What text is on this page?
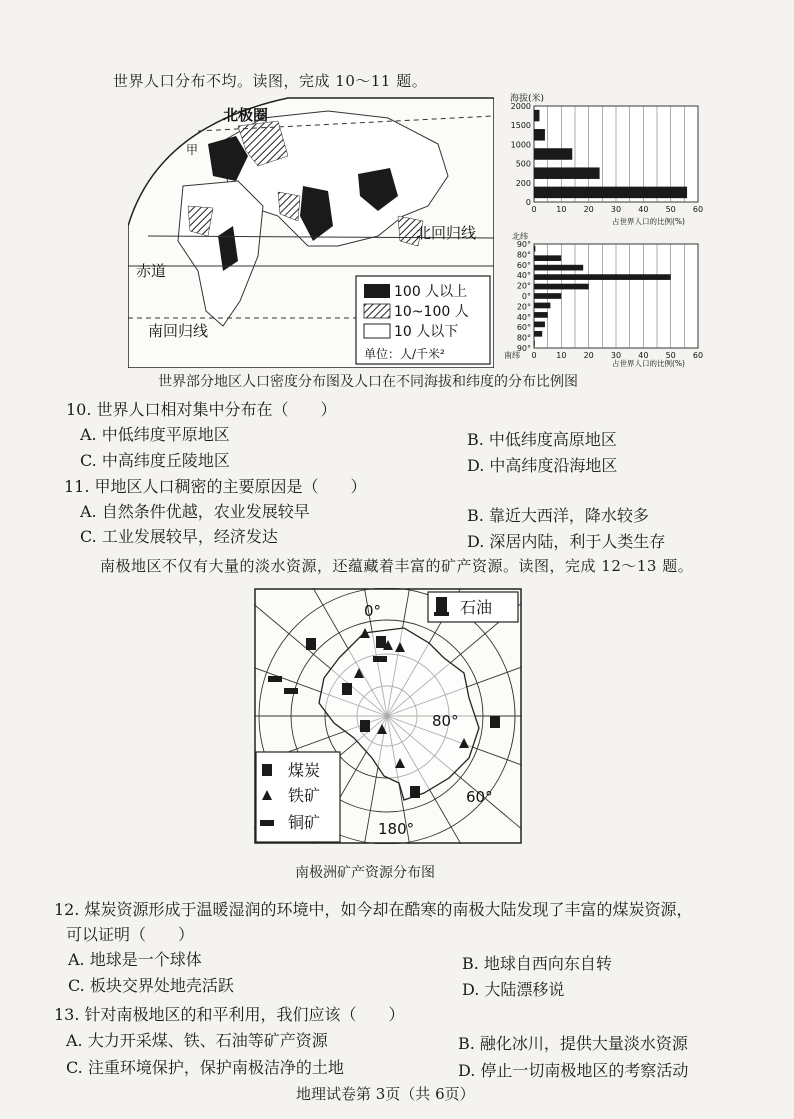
世界人口分布不均。读图，完成 10～11 题。
北极圈
甲
北回归线
赤道
南回归线
100 人以上
10~100 人
10 人以下
单位：人/千米²
海拔(米)
2000
1500
1000
500
200
0
0 10 20 30 40 50 60
占世界人口的比例(%)
北纬
南纬
90°
80°
60°
40°
20°
0°
20°
40°
60°
80°
90°
0 10 20 30 40 50 60
占世界人口的比例(%)
世界部分地区人口密度分布图及人口在不同海拔和纬度的分布比例图
10. 世界人口相对集中分布在（　　）
A. 中低纬度平原地区	B. 中低纬度高原地区
C. 中高纬度丘陵地区	D. 中高纬度沿海地区
11. 甲地区人口稠密的主要原因是（　　）
A. 自然条件优越，农业发展较早	B. 靠近大西洋，降水较多
C. 工业发展较早，经济发达	D. 深居内陆，利于人类生存
南极地区不仅有大量的淡水资源，还蕴藏着丰富的矿产资源。读图，完成 12～13 题。
0°
80°
60°
180°
石油
煤炭
铁矿
铜矿
南极洲矿产资源分布图
12. 煤炭资源形成于温暖湿润的环境中，如今却在酷寒的南极大陆发现了丰富的煤炭资源，
可以证明（　　）
A. 地球是一个球体	B. 地球自西向东自转
C. 板块交界处地壳活跃	D. 大陆漂移说
13. 针对南极地区的和平利用，我们应该（　　）
A. 大力开采煤、铁、石油等矿产资源	B. 融化冰川，提供大量淡水资源
C. 注重环境保护，保护南极洁净的土地	D. 停止一切南极地区的考察活动
地理试卷第 3页（共 6页）
